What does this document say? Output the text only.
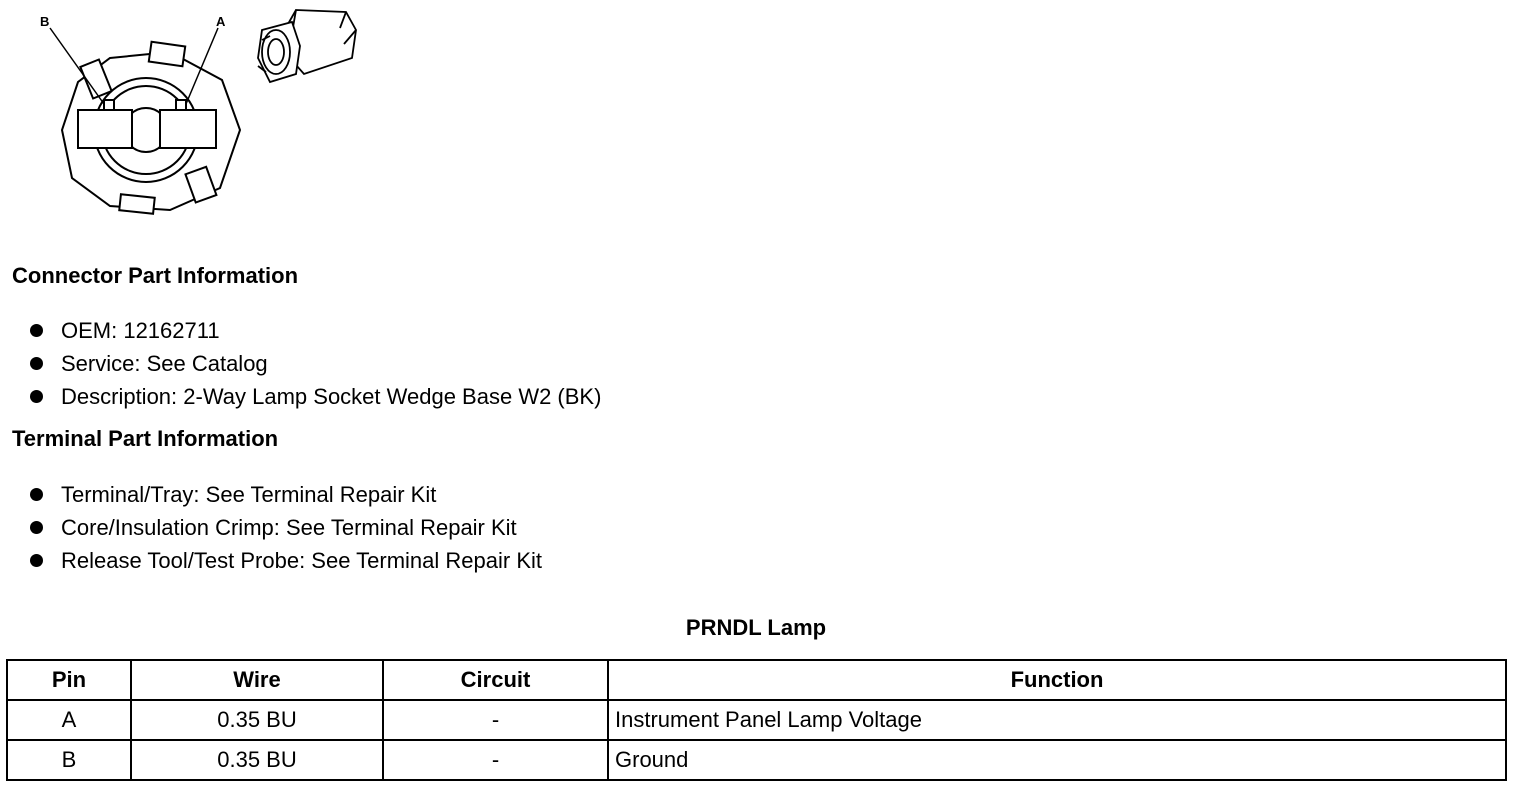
B	A
Connector Part Information
OEM: 12162711
Service: See Catalog
Description: 2-Way Lamp Socket Wedge Base W2 (BK)
Terminal Part Information
Terminal/Tray: See Terminal Repair Kit
Core/Insulation Crimp: See Terminal Repair Kit
Release Tool/Test Probe: See Terminal Repair Kit
PRNDL Lamp
Pin	Wire	Circuit	Function
A	0.35 BU	-	Instrument Panel Lamp Voltage
B	0.35 BU	-	Ground
